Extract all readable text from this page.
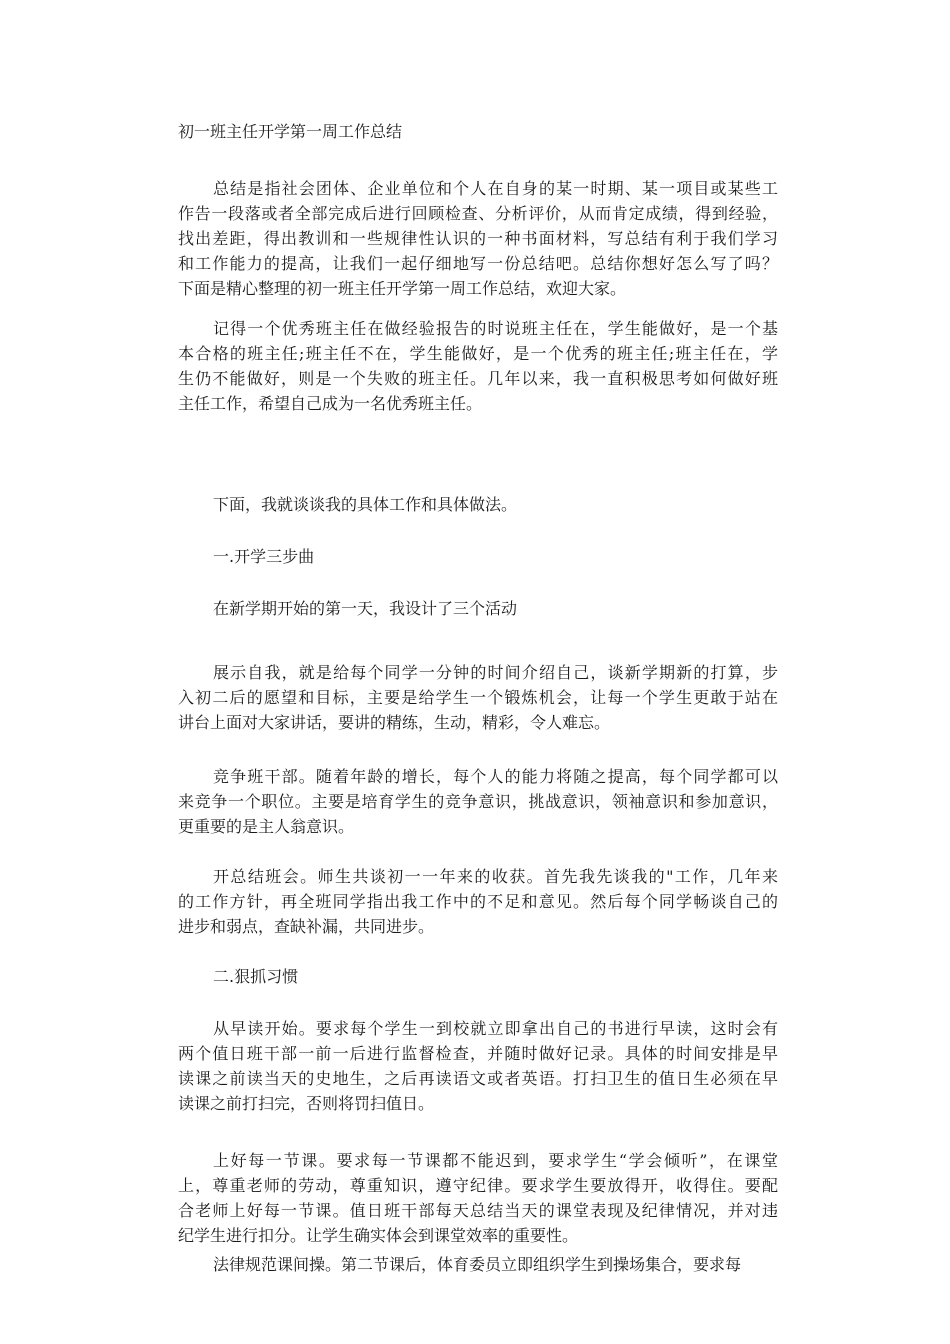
初一班主任开学第一周工作总结
总结是指社会团体、企业单位和个人在自身的某一时期、某一项目或某些工
作告一段落或者全部完成后进行回顾检查、分析评价，从而肯定成绩，得到经验，
找出差距，得出教训和一些规律性认识的一种书面材料，写总结有利于我们学习
和工作能力的提高，让我们一起仔细地写一份总结吧。总结你想好怎么写了吗？
下面是精心整理的初一班主任开学第一周工作总结，欢迎大家。
记得一个优秀班主任在做经验报告的时说班主任在，学生能做好，是一个基
本合格的班主任;班主任不在，学生能做好，是一个优秀的班主任;班主任在，学
生仍不能做好，则是一个失败的班主任。几年以来，我一直积极思考如何做好班
主任工作，希望自己成为一名优秀班主任。
下面，我就谈谈我的具体工作和具体做法。
一.开学三步曲
在新学期开始的第一天，我设计了三个活动
展示自我，就是给每个同学一分钟的时间介绍自己，谈新学期新的打算，步
入初二后的愿望和目标，主要是给学生一个锻炼机会，让每一个学生更敢于站在
讲台上面对大家讲话，要讲的精练，生动，精彩，令人难忘。
竞争班干部。随着年龄的增长，每个人的能力将随之提高，每个同学都可以
来竞争一个职位。主要是培育学生的竞争意识，挑战意识，领袖意识和参加意识，
更重要的是主人翁意识。
开总结班会。师生共谈初一一年来的收获。首先我先谈我的"工作，几年来
的工作方针，再全班同学指出我工作中的不足和意见。然后每个同学畅谈自己的
进步和弱点，查缺补漏，共同进步。
二.狠抓习惯
从早读开始。要求每个学生一到校就立即拿出自己的书进行早读，这时会有
两个值日班干部一前一后进行监督检查，并随时做好记录。具体的时间安排是早
读课之前读当天的史地生，之后再读语文或者英语。打扫卫生的值日生必须在早
读课之前打扫完，否则将罚扫值日。
上好每一节课。要求每一节课都不能迟到，要求学生“学会倾听”，在课堂
上，尊重老师的劳动，尊重知识，遵守纪律。要求学生要放得开，收得住。要配
合老师上好每一节课。值日班干部每天总结当天的课堂表现及纪律情况，并对违
纪学生进行扣分。让学生确实体会到课堂效率的重要性。
法律规范课间操。第二节课后，体育委员立即组织学生到操场集合，要求每
